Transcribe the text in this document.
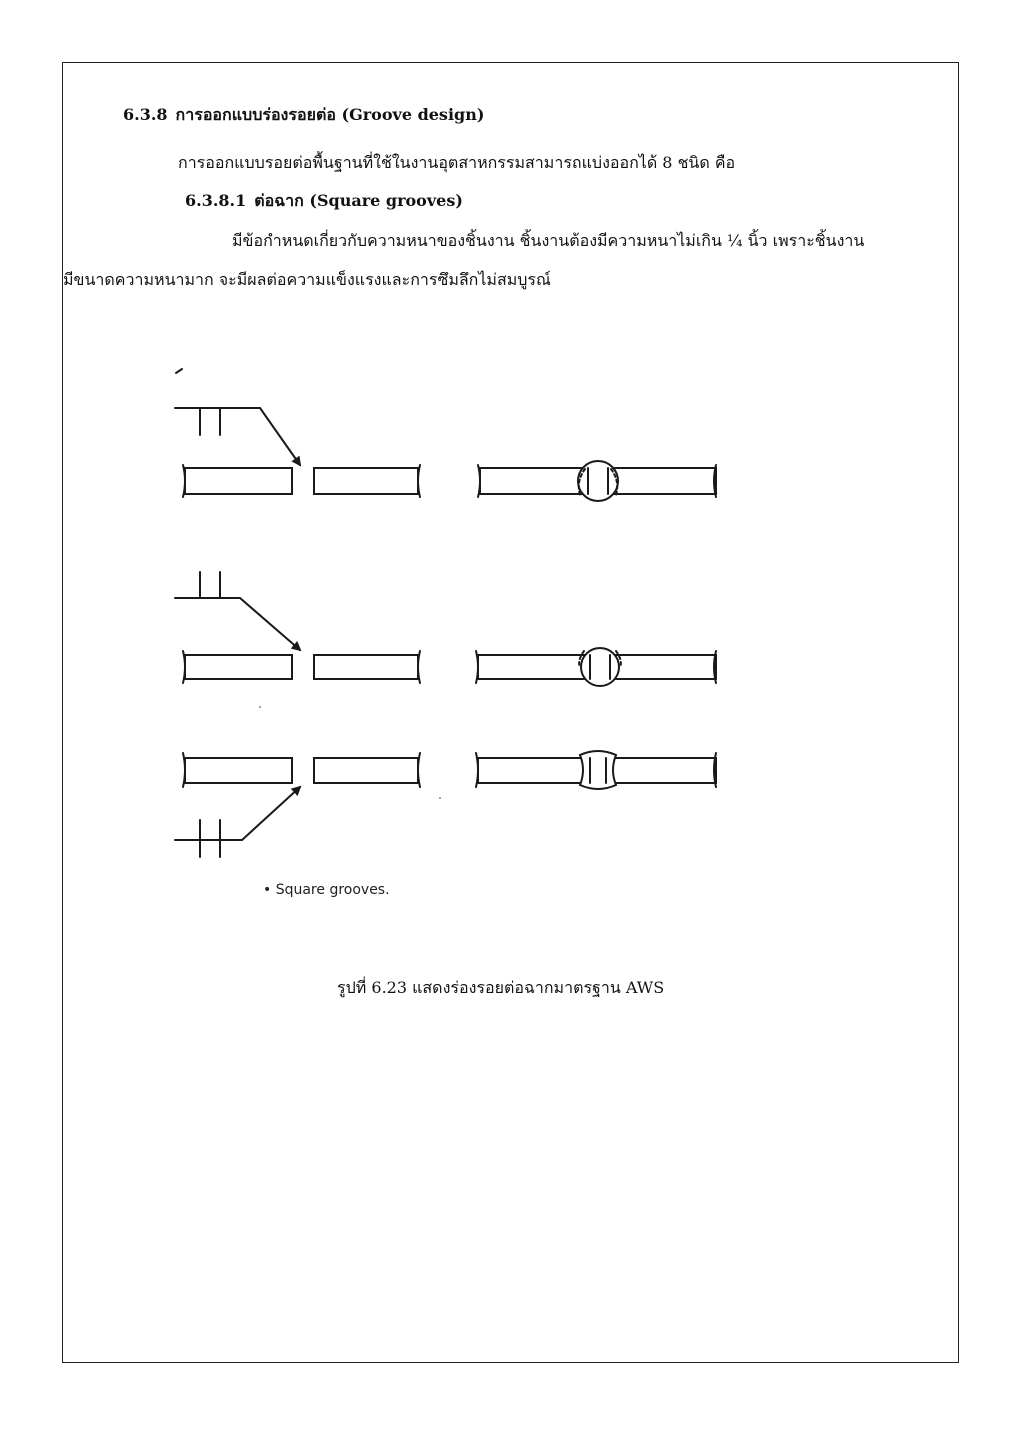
6.3.8 การออกแบบร่องรอยต่อ (Groove design)
การออกแบบรอยต่อพื้นฐานที่ใช้ในงานอุตสาหกรรมสามารถแบ่งออกได้ 8 ชนิด คือ
6.3.8.1 ต่อฉาก (Square grooves)
มีข้อกำหนดเกี่ยวกับความหนาของชิ้นงาน ชิ้นงานต้องมีความหนาไม่เกิน ¼ นิ้ว เพราะชิ้นงาน
มีขนาดความหนามาก จะมีผลต่อความแข็งแรงและการซึมลึกไม่สมบูรณ์
• Square grooves.
รูปที่ 6.23 แสดงร่องรอยต่อฉากมาตรฐาน AWS
